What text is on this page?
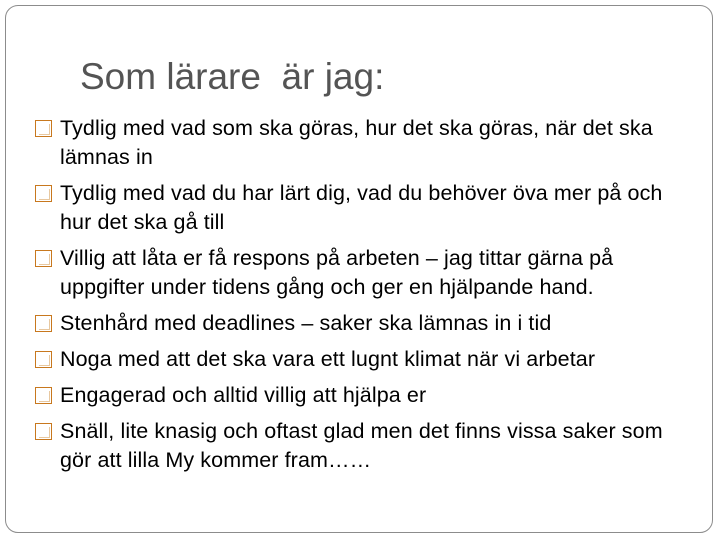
Som lärare  är jag:
Tydlig med vad som ska göras, hur det ska göras, när det ska lämnas in
Tydlig med vad du har lärt dig, vad du behöver öva mer på och hur det ska gå till
Villig att låta er få respons på arbeten – jag tittar gärna på uppgifter under tidens gång och ger en hjälpande hand.
Stenhård med deadlines – saker ska lämnas in i tid
Noga med att det ska vara ett lugnt klimat när vi arbetar
Engagerad och alltid villig att hjälpa er
Snäll, lite knasig och oftast glad men det finns vissa saker som gör att lilla My kommer fram……
